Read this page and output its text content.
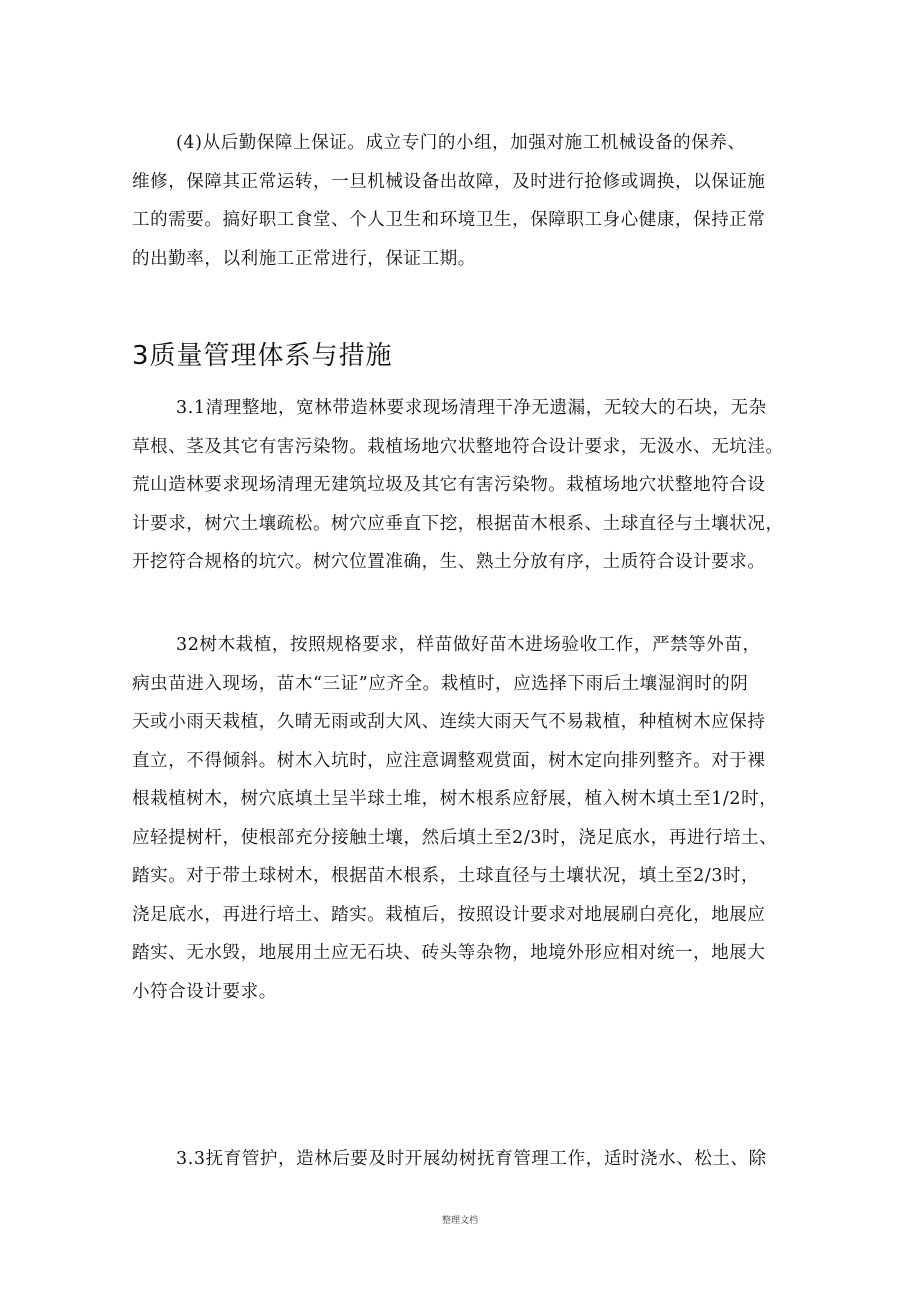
(4)从后勤保障上保证。成立专门的小组，加强对施工机械设备的保养、
维修，保障其正常运转，一旦机械设备出故障，及时进行抢修或调换，以保证施
工的需要。搞好职工食堂、个人卫生和环境卫生，保障职工身心健康，保持正常
的出勤率，以利施工正常进行，保证工期。

3质量管理体系与措施

3.1清理整地，宽林带造林要求现场清理干净无遗漏，无较大的石块，无杂
草根、茎及其它有害污染物。栽植场地穴状整地符合设计要求，无汲水、无坑洼。
荒山造林要求现场清理无建筑垃圾及其它有害污染物。栽植场地穴状整地符合设
计要求，树穴土壤疏松。树穴应垂直下挖，根据苗木根系、土球直径与土壤状况，
开挖符合规格的坑穴。树穴位置准确，生、熟土分放有序，土质符合设计要求。

32树木栽植，按照规格要求，样苗做好苗木进场验收工作，严禁等外苗，
病虫苗进入现场，苗木“三证”应齐全。栽植时，应选择下雨后土壤湿润时的阴
天或小雨天栽植，久晴无雨或刮大风、连续大雨天气不易栽植，种植树木应保持
直立，不得倾斜。树木入坑时，应注意调整观赏面，树木定向排列整齐。对于裸
根栽植树木，树穴底填土呈半球土堆，树木根系应舒展，植入树木填土至1/2时，
应轻提树杆，使根部充分接触土壤，然后填土至2/3时，浇足底水，再进行培土、
踏实。对于带土球树木，根据苗木根系，土球直径与土壤状况，填土至2/3时，
浇足底水，再进行培土、踏实。栽植后，按照设计要求对地展刷白亮化，地展应
踏实、无水毁，地展用土应无石块、砖头等杂物，地境外形应相对统一，地展大
小符合设计要求。

3.3抚育管护，造林后要及时开展幼树抚育管理工作，适时浇水、松土、除

整理文档
